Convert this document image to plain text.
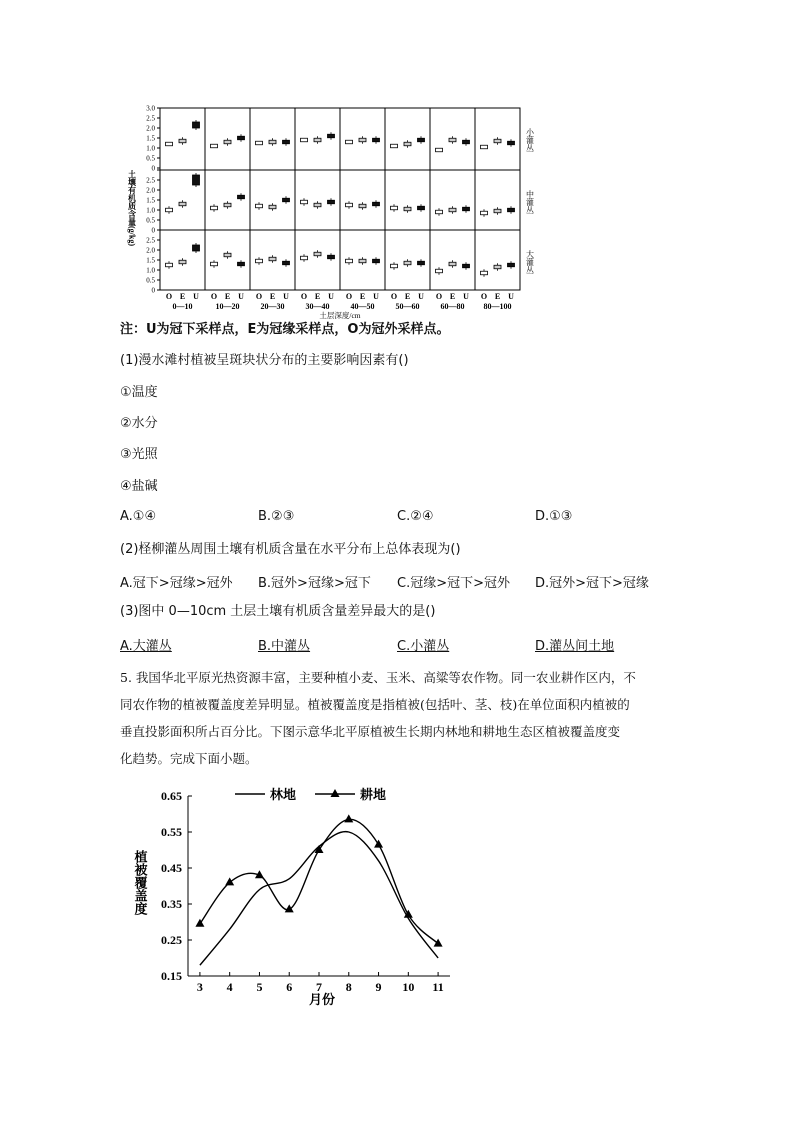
3.0
2.5
2.0
1.5
1.0
0.5
0
2.5
2.0
1.5
1.0
0.5
0
2.5
2.0
1.5
1.0
0.5
0
小灌丛
中灌丛
大灌丛
O E U
0—10
O E U
10—20
O E U
20—30
O E U
30—40
O E U
40—50
O E U
50—60
O E U
60—80
O E U
80—100
土层深度/cm
土壤有机质含量(g/kg)
注：U为冠下采样点，E为冠缘采样点，O为冠外采样点。
(1)漫水滩村植被呈斑块状分布的主要影响因素有()
①温度
②水分
③光照
④盐碱
A.①④	B.②③	C.②④	D.①③
(2)柽柳灌丛周围土壤有机质含量在水平分布上总体表现为()
A.冠下>冠缘>冠外 B.冠外>冠缘>冠下 C.冠缘>冠下>冠外 D.冠外>冠下>冠缘
(3)图中 0—10cm 土层土壤有机质含量差异最大的是()
A.大灌丛	B.中灌丛	C.小灌丛	D.灌丛间土地
5. 我国华北平原光热资源丰富，主要种植小麦、玉米、高粱等农作物。同一农业耕作区内，不
同农作物的植被覆盖度差异明显。植被覆盖度是指植被(包括叶、茎、枝)在单位面积内植被的
垂直投影面积所占百分比。下图示意华北平原植被生长期内林地和耕地生态区植被覆盖度变
化趋势。完成下面小题。
0.65
0.55
0.45
0.35
0.25
0.15
3 4 5 6 7 8 9 10 11
月份
植被覆盖度
林地	耕地
